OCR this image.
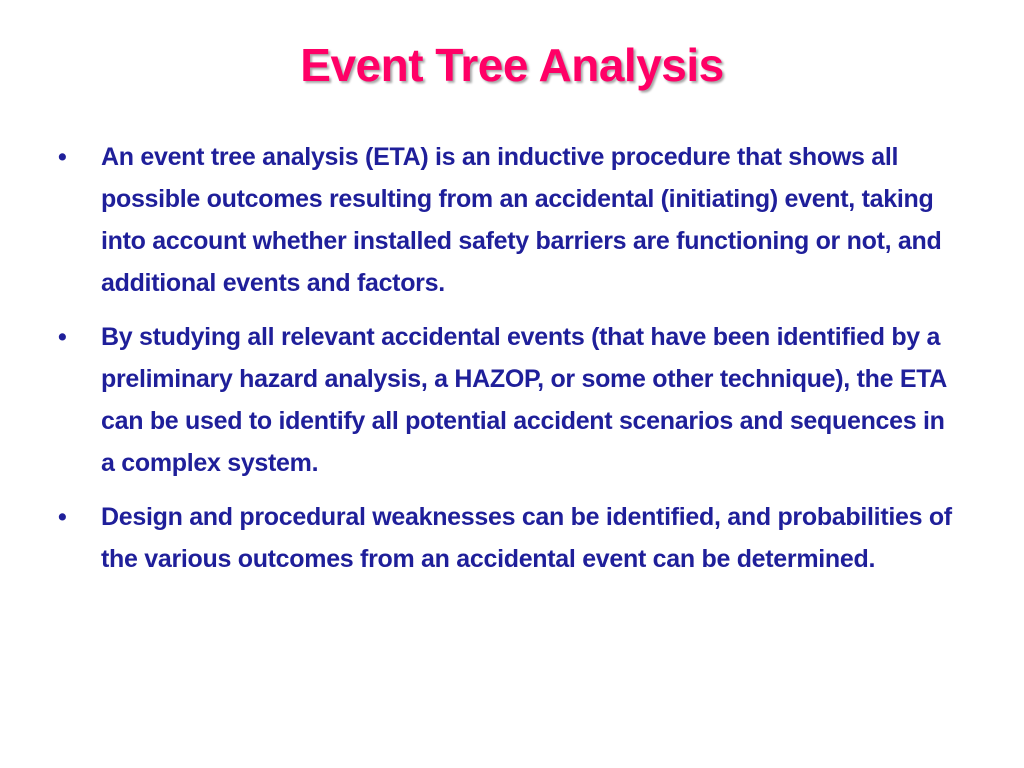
Event Tree Analysis
• An event tree analysis (ETA) is an inductive procedure that shows all possible outcomes resulting from an accidental (initiating) event, taking into account whether installed safety barriers are functioning or not, and additional events and factors.
• By studying all relevant accidental events (that have been identified by a preliminary hazard analysis, a HAZOP, or some other technique), the ETA can be used to identify all potential accident scenarios and sequences in a complex system.
• Design and procedural weaknesses can be identified, and probabilities of the various outcomes from an accidental event can be determined.
